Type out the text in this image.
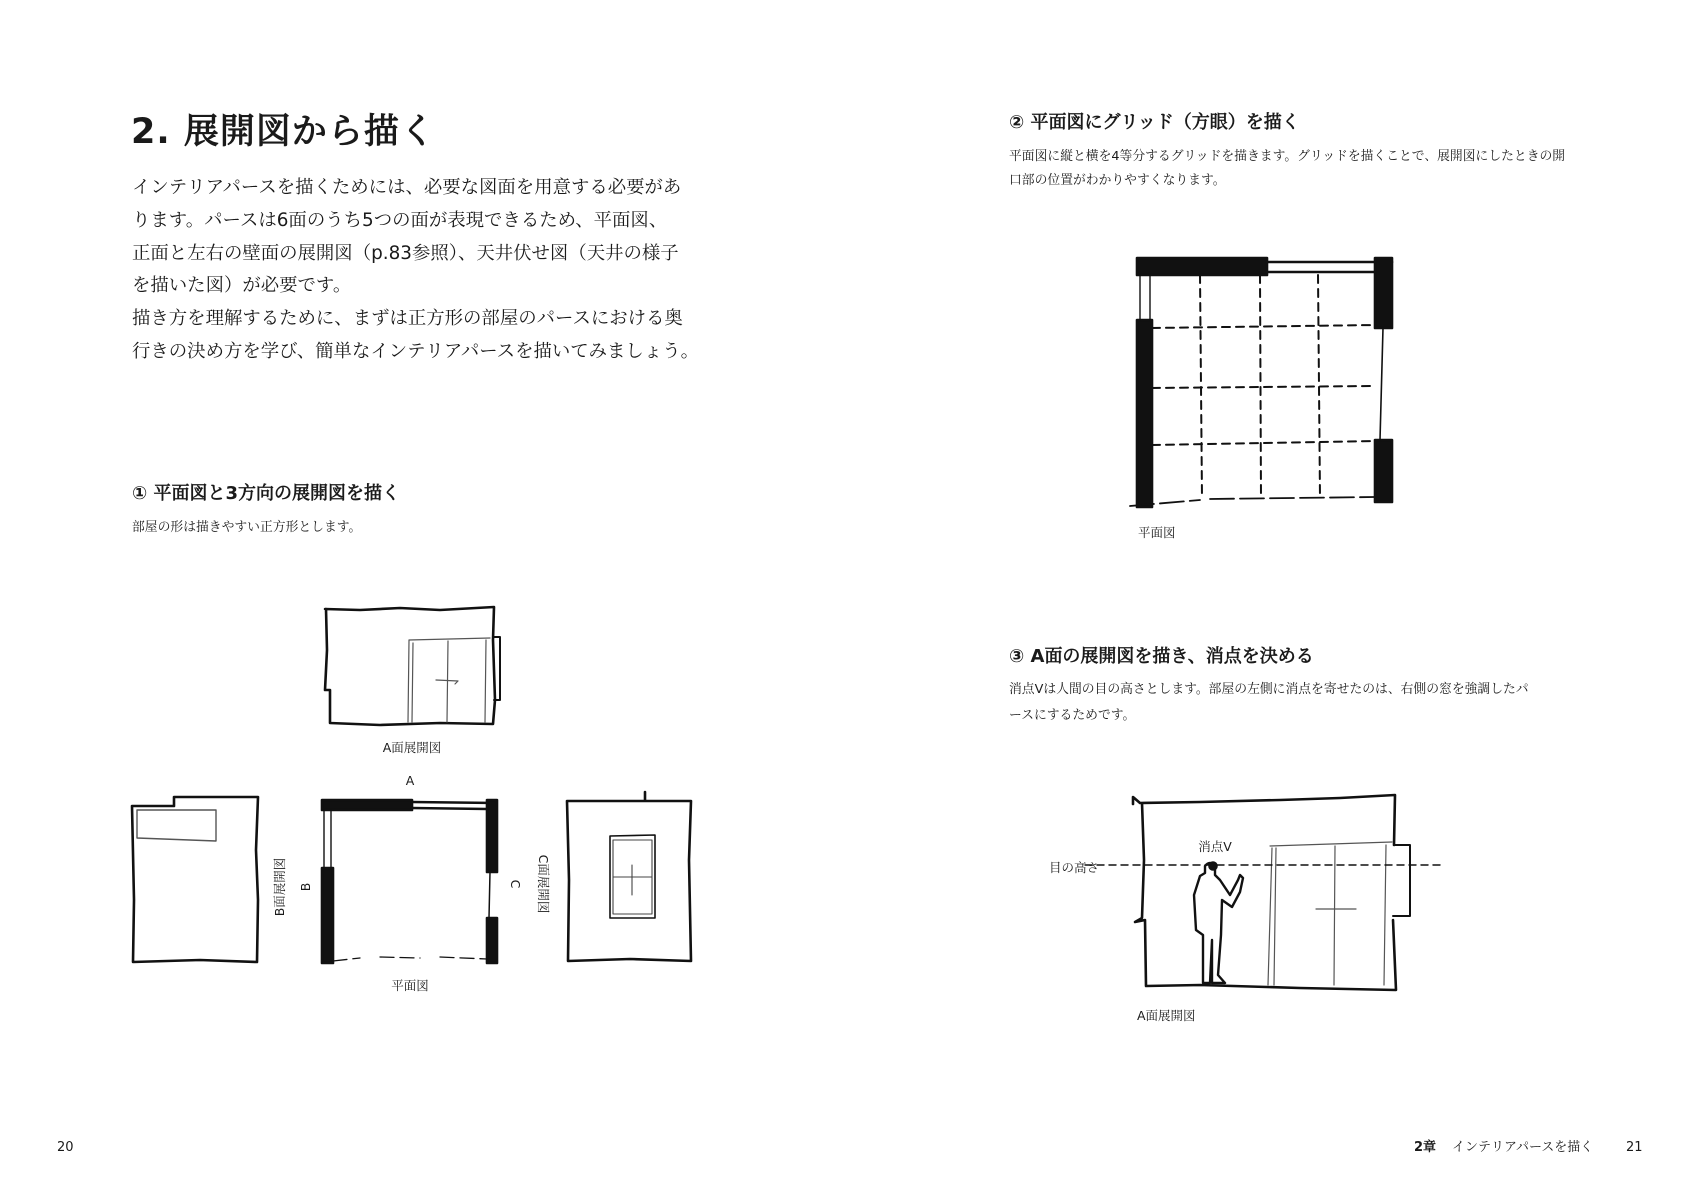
2. 展開図から描く
インテリアパースを描くためには、必要な図面を用意する必要があ
ります。パースは6面のうち5つの面が表現できるため、平面図、
正面と左右の壁面の展開図（p.83参照）、天井伏せ図（天井の様子
を描いた図）が必要です。
描き方を理解するために、まずは正方形の部屋のパースにおける奥
行きの決め方を学び、簡単なインテリアパースを描いてみましょう。
① 平面図と3方向の展開図を描く
部屋の形は描きやすい正方形とします。
A面展開図
A
B面展開図 B	C C面展開図
平面図
20
② 平面図にグリッド（方眼）を描く
平面図に縦と横を4等分するグリッドを描きます。グリッドを描くことで、展開図にしたときの開
口部の位置がわかりやすくなります。
平面図
③ A面の展開図を描き、消点を決める
消点Vは人間の目の高さとします。部屋の左側に消点を寄せたのは、右側の窓を強調したパ
ースにするためです。
目の高さ
消点V
A面展開図
2章 インテリアパースを描く	21
